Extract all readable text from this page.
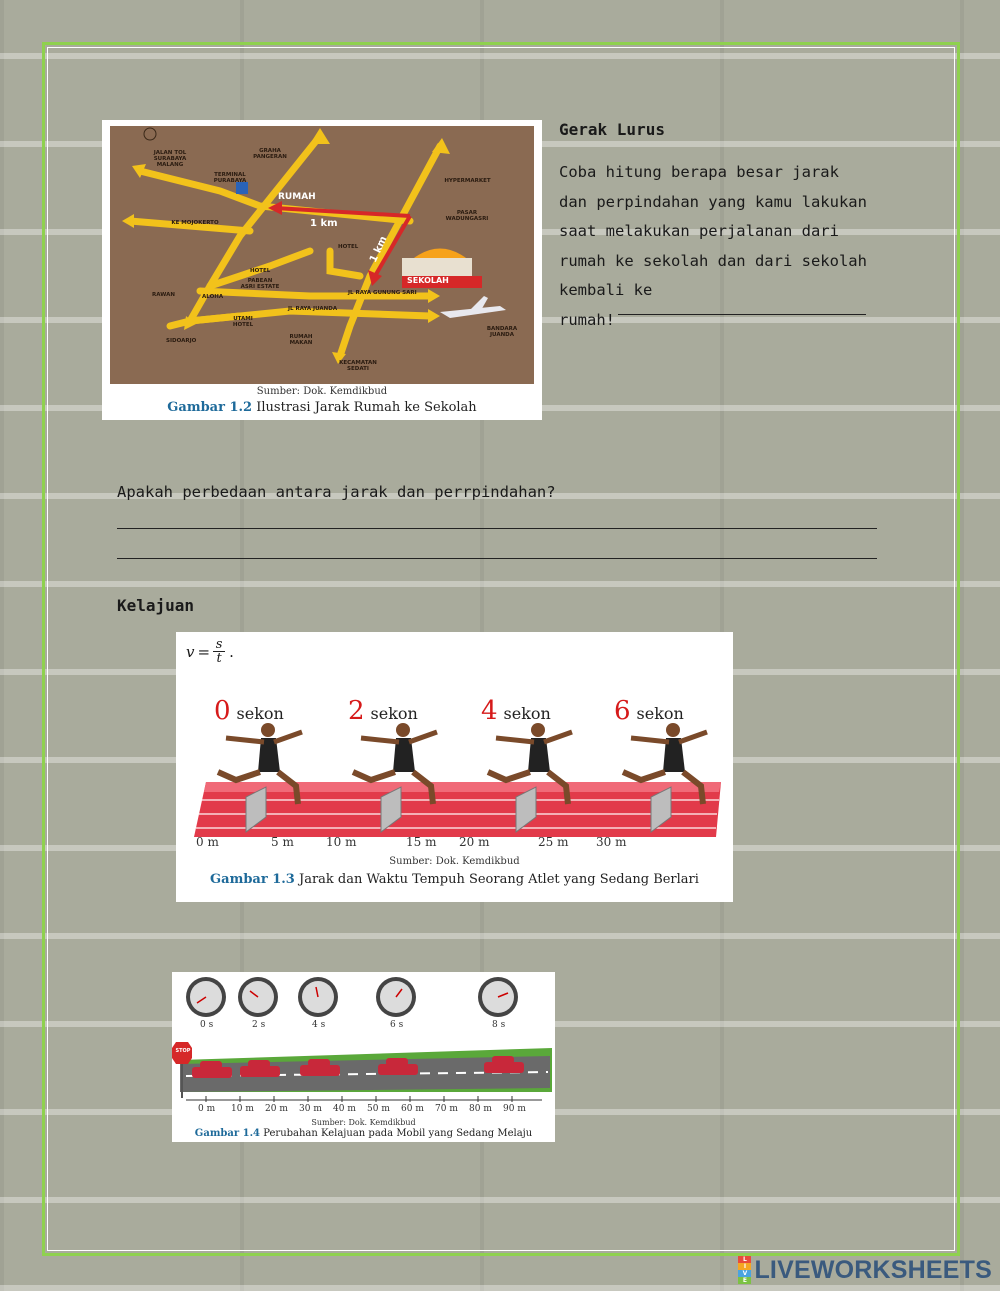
RUMAH
SEKOLAH
1 km
1 km
JALAN TOL SURABAYA MALANG
TERMINAL PURABAYA
GRAHA PANGERAN
HYPERMARKET
PASAR WADUNGASRI
KE MOJOKERTO
HOTEL
HOTEL
PABEAN ASRI ESTATE
JL RAYA JUANDA
JL RAYA GUNUNG SARI
ALOHA
RAWAN
UTAMI HOTEL
SIDOARJO
RUMAH MAKAN
KECAMATAN SEDATI
BANDARA JUANDA
Sumber: Dok. Kemdikbud
Gambar 1.2 Ilustrasi Jarak Rumah ke Sekolah
Gerak Lurus
Coba hitung berapa besar jarak
dan perpindahan yang kamu lakukan
saat melakukan perjalanan dari
rumah ke sekolah dan dari sekolah
kembali ke
rumah!
Apakah perbedaan antara jarak dan perrpindahan?
Kelajuan
v = s
t .
0 sekon 2 sekon 4 sekon 6 sekon
0 m	5 m	10 m	15 m 20 m	25 m 30 m
Sumber: Dok. Kemdikbud
Gambar 1.3 Jarak dan Waktu Tempuh Seorang Atlet yang Sedang Berlari
STOP
0 s	2 s	4 s	6 s	8 s
0 m 10 m 20 m 30 m 40 m 50 m 60 m 70 m 80 m 90 m
Sumber: Dok. Kemdikbud
Gambar 1.4 Perubahan Kelajuan pada Mobil yang Sedang Melaju
L
I
V
E LIVEWORKSHEETS
